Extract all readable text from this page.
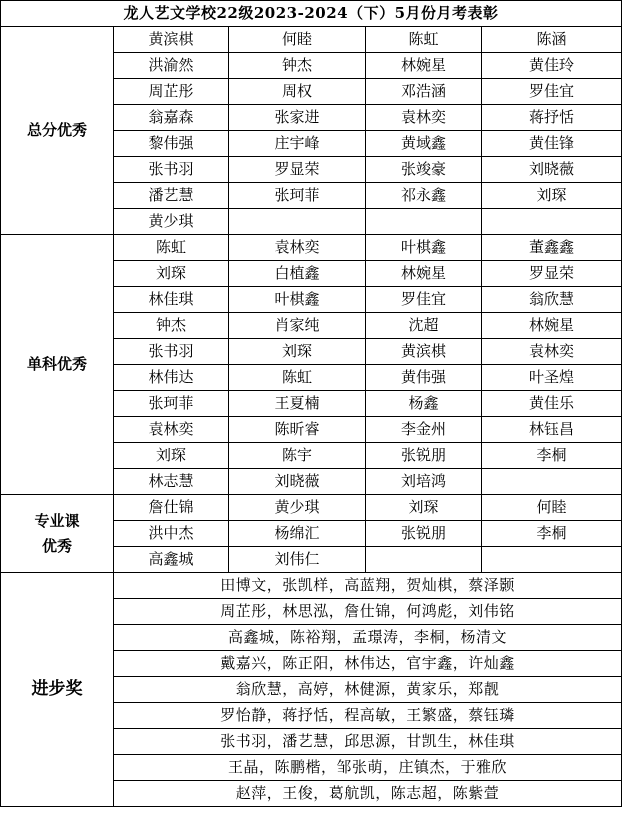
龙人艺文学校22级2023-2024（下）5月份月考表彰				
总分优秀	黄滨棋	何睦	陈虹	陈涵
	洪渝然	钟杰	林婉星	黄佳玲
	周芷彤	周权	邓浩涵	罗佳宜
	翁嘉森	张家进	袁林奕	蒋抒恬
	黎伟强	庄宇峰	黄域鑫	黄佳锋
	张书羽	罗显荣	张竣豪	刘晓薇
	潘艺慧	张珂菲	祁永鑫	刘琛
	黄少琪			
单科优秀	陈虹	袁林奕	叶棋鑫	董鑫鑫
	刘琛	白植鑫	林婉星	罗显荣
	林佳琪	叶棋鑫	罗佳宜	翁欣慧
	钟杰	肖家纯	沈超	林婉星
	张书羽	刘琛	黄滨棋	袁林奕
	林伟达	陈虹	黄伟强	叶圣煌
	张珂菲	王夏楠	杨鑫	黄佳乐
	袁林奕	陈昕睿	李金州	林钰昌
	刘琛	陈宇	张锐朋	李桐
	林志慧	刘晓薇	刘培鸿	

专业课
优秀	詹仕锦	黄少琪	刘琛	何睦
	洪中杰	杨绵汇	张锐朋	李桐
	高鑫城	刘伟仁		
进步奖	田博文，张凯样，高蓝翔，贺灿棋，蔡泽颢			
	周芷彤，林思泓，詹仕锦，何鸿彪，刘伟铭			
	高鑫城，陈裕翔，孟璟涛，李桐，杨清文			
	戴嘉兴，陈正阳，林伟达，官宇鑫，许灿鑫			
	翁欣慧，高婷，林健源，黄家乐，郑靓			
	罗怡静，蒋抒恬，程高敏，王繁盛，蔡钰璘			
	张书羽，潘艺慧，邱思源，甘凯生，林佳琪			
	王晶，陈鹏楷，邹张萌，庄镇杰，于雅欣			
	赵萍，王俊，葛航凯，陈志超，陈紫萱			
